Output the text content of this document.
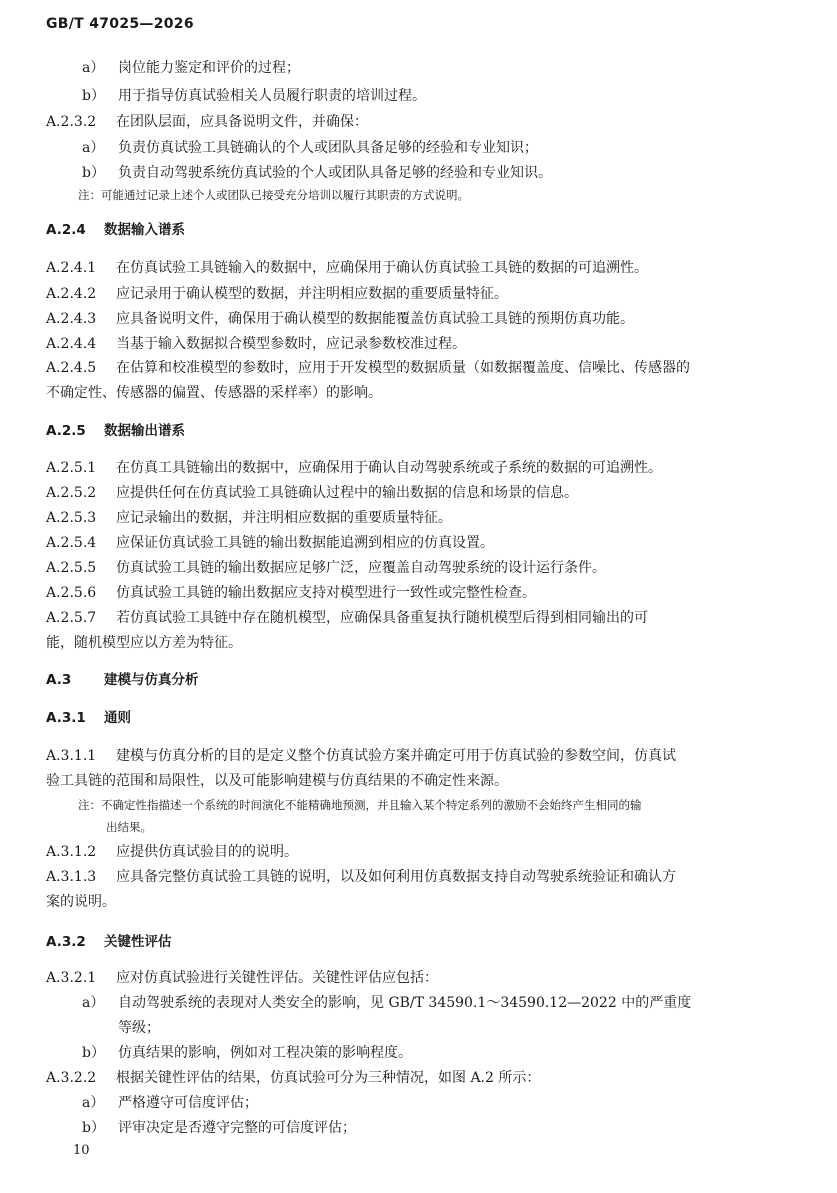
GB/T 47025—2026
a） 岗位能力鉴定和评价的过程；
b） 用于指导仿真试验相关人员履行职责的培训过程。
A.2.3.2 在团队层面，应具备说明文件，并确保：
a） 负责仿真试验工具链确认的个人或团队具备足够的经验和专业知识；
b） 负责自动驾驶系统仿真试验的个人或团队具备足够的经验和专业知识。
注：可能通过记录上述个人或团队已接受充分培训以履行其职责的方式说明。
A.2.4 数据输入谱系
A.2.4.1 在仿真试验工具链输入的数据中，应确保用于确认仿真试验工具链的数据的可追溯性。
A.2.4.2 应记录用于确认模型的数据，并注明相应数据的重要质量特征。
A.2.4.3 应具备说明文件，确保用于确认模型的数据能覆盖仿真试验工具链的预期仿真功能。
A.2.4.4 当基于输入数据拟合模型参数时，应记录参数校准过程。
A.2.4.5 在估算和校准模型的参数时，应用于开发模型的数据质量（如数据覆盖度、信噪比、传感器的
不确定性、传感器的偏置、传感器的采样率）的影响。
A.2.5 数据输出谱系
A.2.5.1 在仿真工具链输出的数据中，应确保用于确认自动驾驶系统或子系统的数据的可追溯性。
A.2.5.2 应提供任何在仿真试验工具链确认过程中的输出数据的信息和场景的信息。
A.2.5.3 应记录输出的数据，并注明相应数据的重要质量特征。
A.2.5.4 应保证仿真试验工具链的输出数据能追溯到相应的仿真设置。
A.2.5.5 仿真试验工具链的输出数据应足够广泛，应覆盖自动驾驶系统的设计运行条件。
A.2.5.6 仿真试验工具链的输出数据应支持对模型进行一致性或完整性检查。
A.2.5.7 若仿真试验工具链中存在随机模型，应确保具备重复执行随机模型后得到相同输出的可
能，随机模型应以方差为特征。
A.3 建模与仿真分析
A.3.1 通则
A.3.1.1 建模与仿真分析的目的是定义整个仿真试验方案并确定可用于仿真试验的参数空间，仿真试
验工具链的范围和局限性，以及可能影响建模与仿真结果的不确定性来源。
注：不确定性指描述一个系统的时间演化不能精确地预测，并且输入某个特定系列的激励不会始终产生相同的输
出结果。
A.3.1.2 应提供仿真试验目的的说明。
A.3.1.3 应具备完整仿真试验工具链的说明，以及如何利用仿真数据支持自动驾驶系统验证和确认方
案的说明。
A.3.2 关键性评估
A.3.2.1 应对仿真试验进行关键性评估。关键性评估应包括：
a） 自动驾驶系统的表现对人类安全的影响，见 GB/T 34590.1～34590.12—2022 中的严重度
等级；
b） 仿真结果的影响，例如对工程决策的影响程度。
A.3.2.2 根据关键性评估的结果，仿真试验可分为三种情况，如图 A.2 所示：
a） 严格遵守可信度评估；
b） 评审决定是否遵守完整的可信度评估；
10
